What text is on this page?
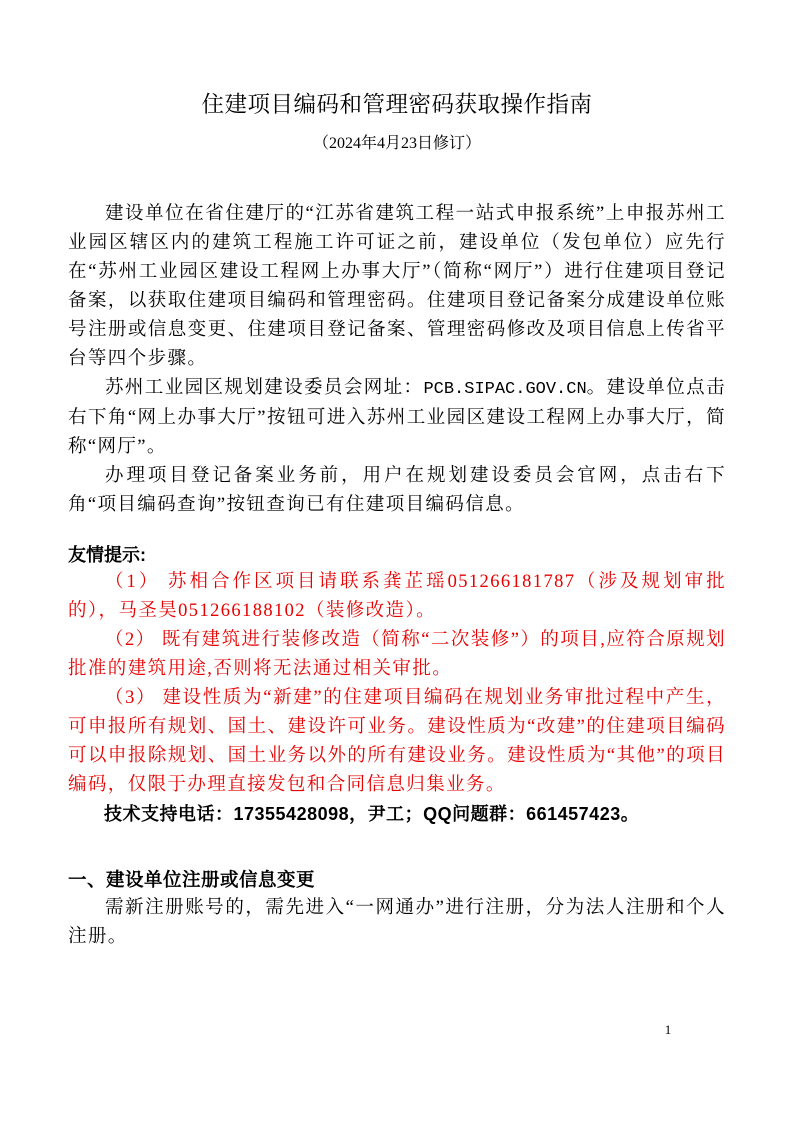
住建项目编码和管理密码获取操作指南
（2024年4月23日修订）

建设单位在省住建厅的“江苏省建筑工程一站式申报系统”上申报苏州工业园区辖区内的建筑工程施工许可证之前，建设单位（发包单位）应先行在“苏州工业园区建设工程网上办事大厅”（简称“网厅”）进行住建项目登记备案，以获取住建项目编码和管理密码。住建项目登记备案分成建设单位账号注册或信息变更、住建项目登记备案、管理密码修改及项目信息上传省平台等四个步骤。

苏州工业园区规划建设委员会网址：PCB.SIPAC.GOV.CN。建设单位点击右下角“网上办事大厅”按钮可进入苏州工业园区建设工程网上办事大厅，简称“网厅”。

办理项目登记备案业务前，用户在规划建设委员会官网，点击右下角“项目编码查询”按钮查询已有住建项目编码信息。

友情提示:

（1） 苏相合作区项目请联系龚芷瑶051266181787（涉及规划审批的），马圣昊051266188102（装修改造）。

（2） 既有建筑进行装修改造（简称“二次装修”）的项目,应符合原规划批准的建筑用途,否则将无法通过相关审批。

（3） 建设性质为“新建”的住建项目编码在规划业务审批过程中产生，可申报所有规划、国土、建设许可业务。建设性质为“改建”的住建项目编码可以申报除规划、国土业务以外的所有建设业务。建设性质为“其他”的项目编码，仅限于办理直接发包和合同信息归集业务。

技术支持电话：17355428098，尹工；QQ问题群：661457423。

一、建设单位注册或信息变更

需新注册账号的，需先进入“一网通办”进行注册，分为法人注册和个人注册。

1
